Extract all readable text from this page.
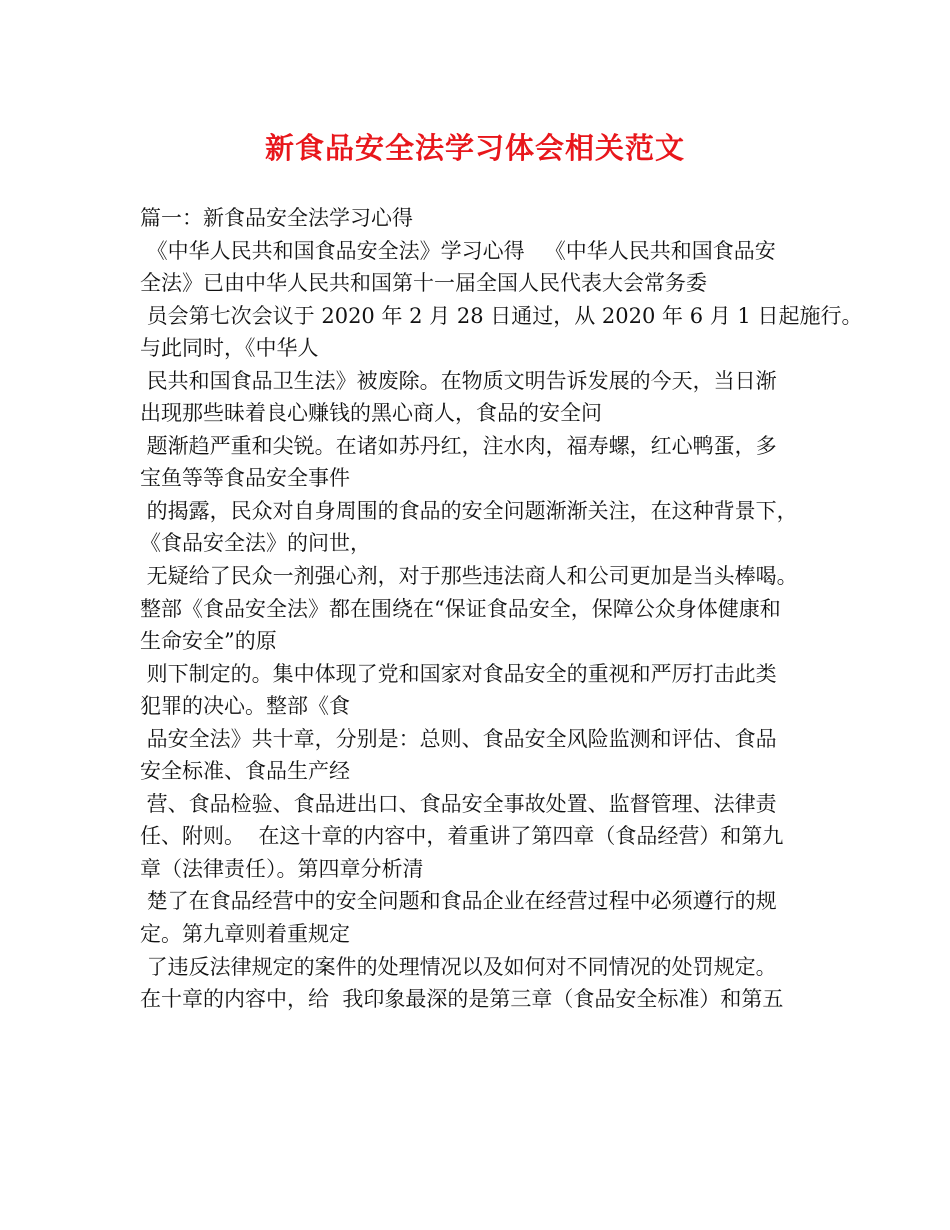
新食品安全法学习体会相关范文

篇一：新食品安全法学习心得

《中华人民共和国食品安全法》学习心得   《中华人民共和国食品安

全法》已由中华人民共和国第十一届全国人民代表大会常务委

员会第七次会议于 2020 年 2 月 28 日通过，从 2020 年 6 月 1 日起施行。

与此同时，《中华人

民共和国食品卫生法》被废除。在物质文明告诉发展的今天，当日渐

出现那些昧着良心赚钱的黑心商人，食品的安全问

题渐趋严重和尖锐。在诸如苏丹红，注水肉，福寿螺，红心鸭蛋，多

宝鱼等等食品安全事件

的揭露，民众对自身周围的食品的安全问题渐渐关注，在这种背景下，

《食品安全法》的问世，

无疑给了民众一剂强心剂，对于那些违法商人和公司更加是当头棒喝。

整部《食品安全法》都在围绕在“保证食品安全，保障公众身体健康和

生命安全”的原

则下制定的。集中体现了党和国家对食品安全的重视和严厉打击此类

犯罪的决心。整部《食

品安全法》共十章，分别是：总则、食品安全风险监测和评估、食品

安全标准、食品生产经

营、食品检验、食品进出口、食品安全事故处置、监督管理、法律责

任、附则。  在这十章的内容中，着重讲了第四章（食品经营）和第九

章（法律责任）。第四章分析清

楚了在食品经营中的安全问题和食品企业在经营过程中必须遵行的规

定。第九章则着重规定

了违反法律规定的案件的处理情况以及如何对不同情况的处罚规定。

在十章的内容中，给  我印象最深的是第三章（食品安全标准）和第五
